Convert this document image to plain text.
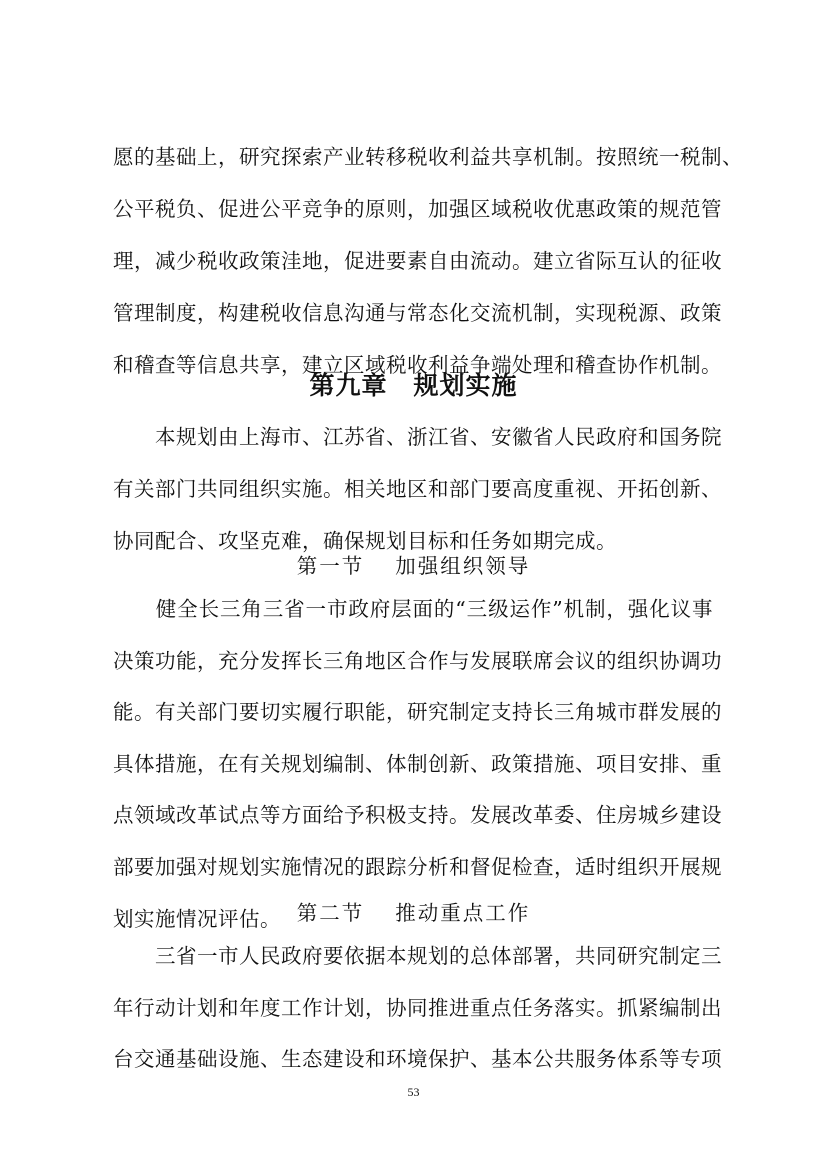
愿的基础上，研究探索产业转移税收利益共享机制。按照统一税制、
公平税负、促进公平竞争的原则，加强区域税收优惠政策的规范管
理，减少税收政策洼地，促进要素自由流动。建立省际互认的征收
管理制度，构建税收信息沟通与常态化交流机制，实现税源、政策
和稽查等信息共享，建立区域税收利益争端处理和稽查协作机制。
第九章　规划实施
　　本规划由上海市、江苏省、浙江省、安徽省人民政府和国务院
有关部门共同组织实施。相关地区和部门要高度重视、开拓创新、
协同配合、攻坚克难，确保规划目标和任务如期完成。
第一节　 加强组织领导
　　健全长三角三省一市政府层面的“三级运作”机制，强化议事
决策功能，充分发挥长三角地区合作与发展联席会议的组织协调功
能。有关部门要切实履行职能，研究制定支持长三角城市群发展的
具体措施，在有关规划编制、体制创新、政策措施、项目安排、重
点领域改革试点等方面给予积极支持。发展改革委、住房城乡建设
部要加强对规划实施情况的跟踪分析和督促检查，适时组织开展规
划实施情况评估。 第二节　 推动重点工作
　　三省一市人民政府要依据本规划的总体部署，共同研究制定三
年行动计划和年度工作计划，协同推进重点任务落实。抓紧编制出
台交通基础设施、生态建设和环境保护、基本公共服务体系等专项
53
